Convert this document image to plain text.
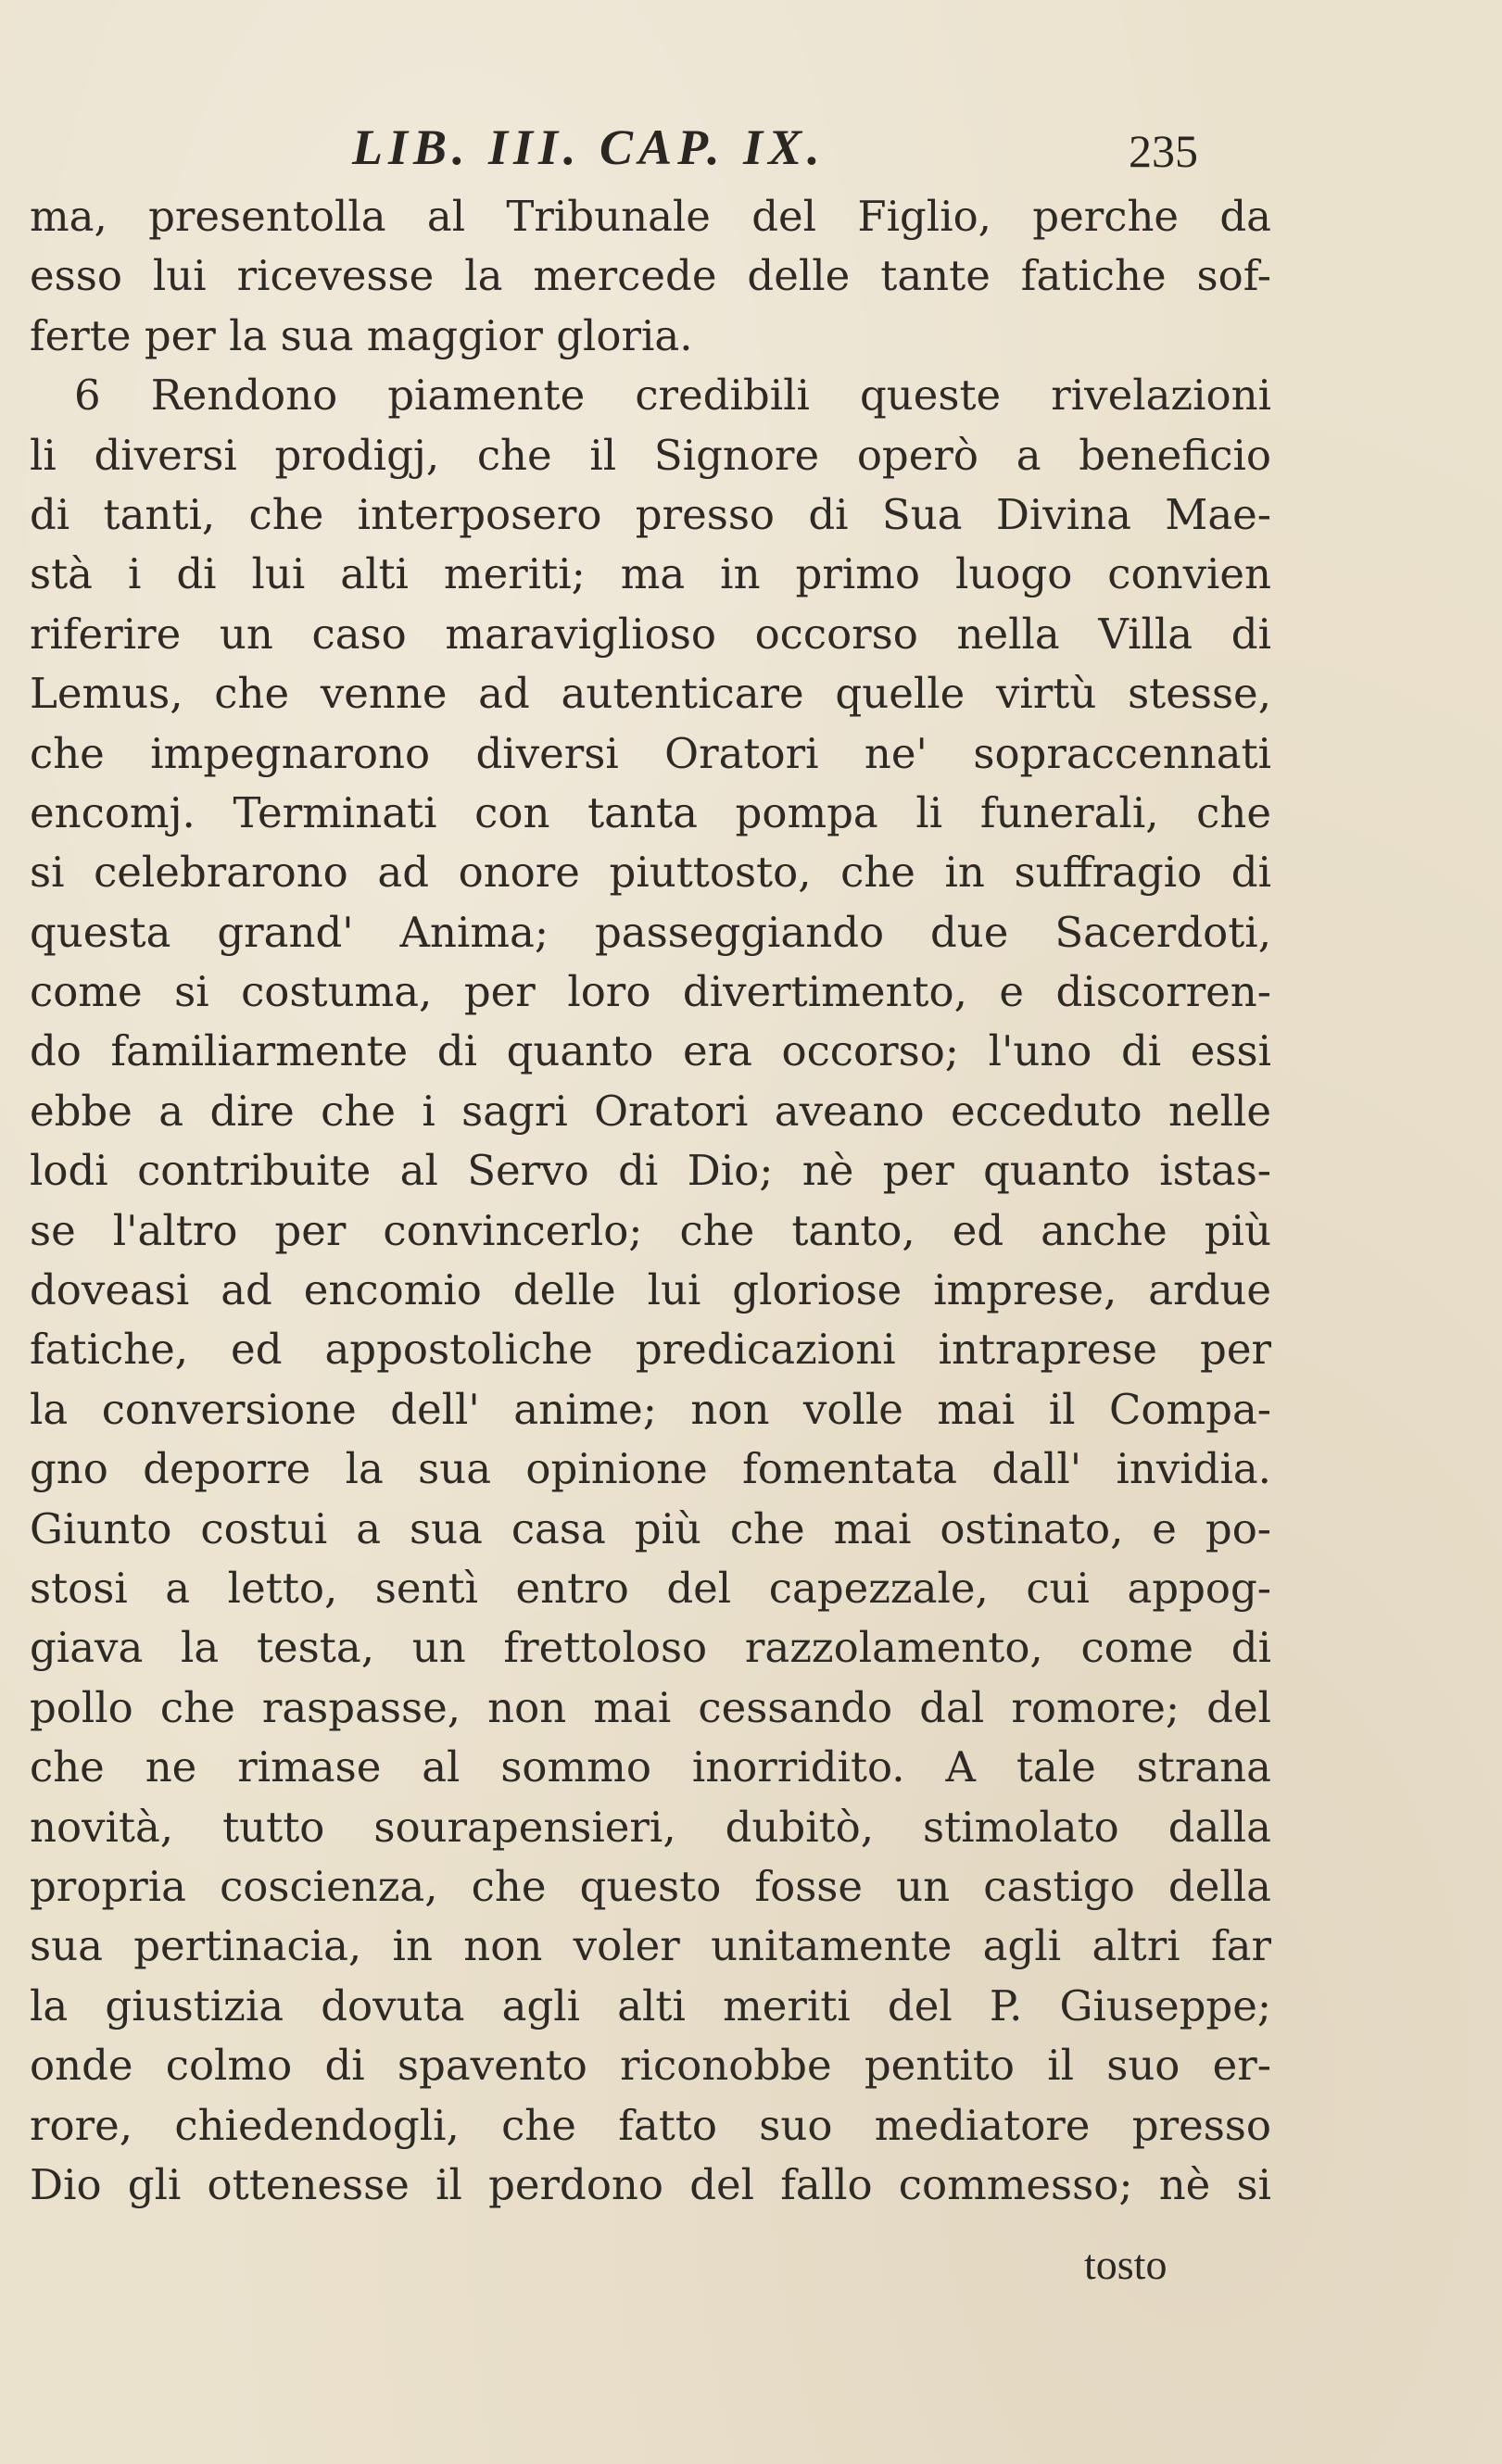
LIB. III. CAP. IX.	235
ma, presentolla al Tribunale del Figlio, perche da
esso lui ricevesse la mercede delle tante fatiche sof-
ferte per la sua maggior gloria.
6 Rendono piamente credibili queste rivelazioni
li diversi prodigj, che il Signore operò a beneficio
di tanti, che interposero presso di Sua Divina Mae-
stà i di lui alti meriti; ma in primo luogo convien
riferire un caso maraviglioso occorso nella Villa di
Lemus, che venne ad autenticare quelle virtù stesse,
che impegnarono diversi Oratori ne' sopraccennati
encomj. Terminati con tanta pompa li funerali, che
si celebrarono ad onore piuttosto, che in suffragio di
questa grand' Anima; passeggiando due Sacerdoti,
come si costuma, per loro divertimento, e discorren-
do familiarmente di quanto era occorso; l'uno di essi
ebbe a dire che i sagri Oratori aveano ecceduto nelle
lodi contribuite al Servo di Dio; nè per quanto istas-
se l'altro per convincerlo; che tanto, ed anche più
doveasi ad encomio delle lui gloriose imprese, ardue
fatiche, ed appostoliche predicazioni intraprese per
la conversione dell' anime; non volle mai il Compa-
gno deporre la sua opinione fomentata dall' invidia.
Giunto costui a sua casa più che mai ostinato, e po-
stosi a letto, sentì entro del capezzale, cui appog-
giava la testa, un frettoloso razzolamento, come di
pollo che raspasse, non mai cessando dal romore; del
che ne rimase al sommo inorridito. A tale strana
novità, tutto sourapensieri, dubitò, stimolato dalla
propria coscienza, che questo fosse un castigo della
sua pertinacia, in non voler unitamente agli altri far
la giustizia dovuta agli alti meriti del P. Giuseppe;
onde colmo di spavento riconobbe pentito il suo er-
rore, chiedendogli, che fatto suo mediatore presso
Dio gli ottenesse il perdono del fallo commesso; nè si
tosto
